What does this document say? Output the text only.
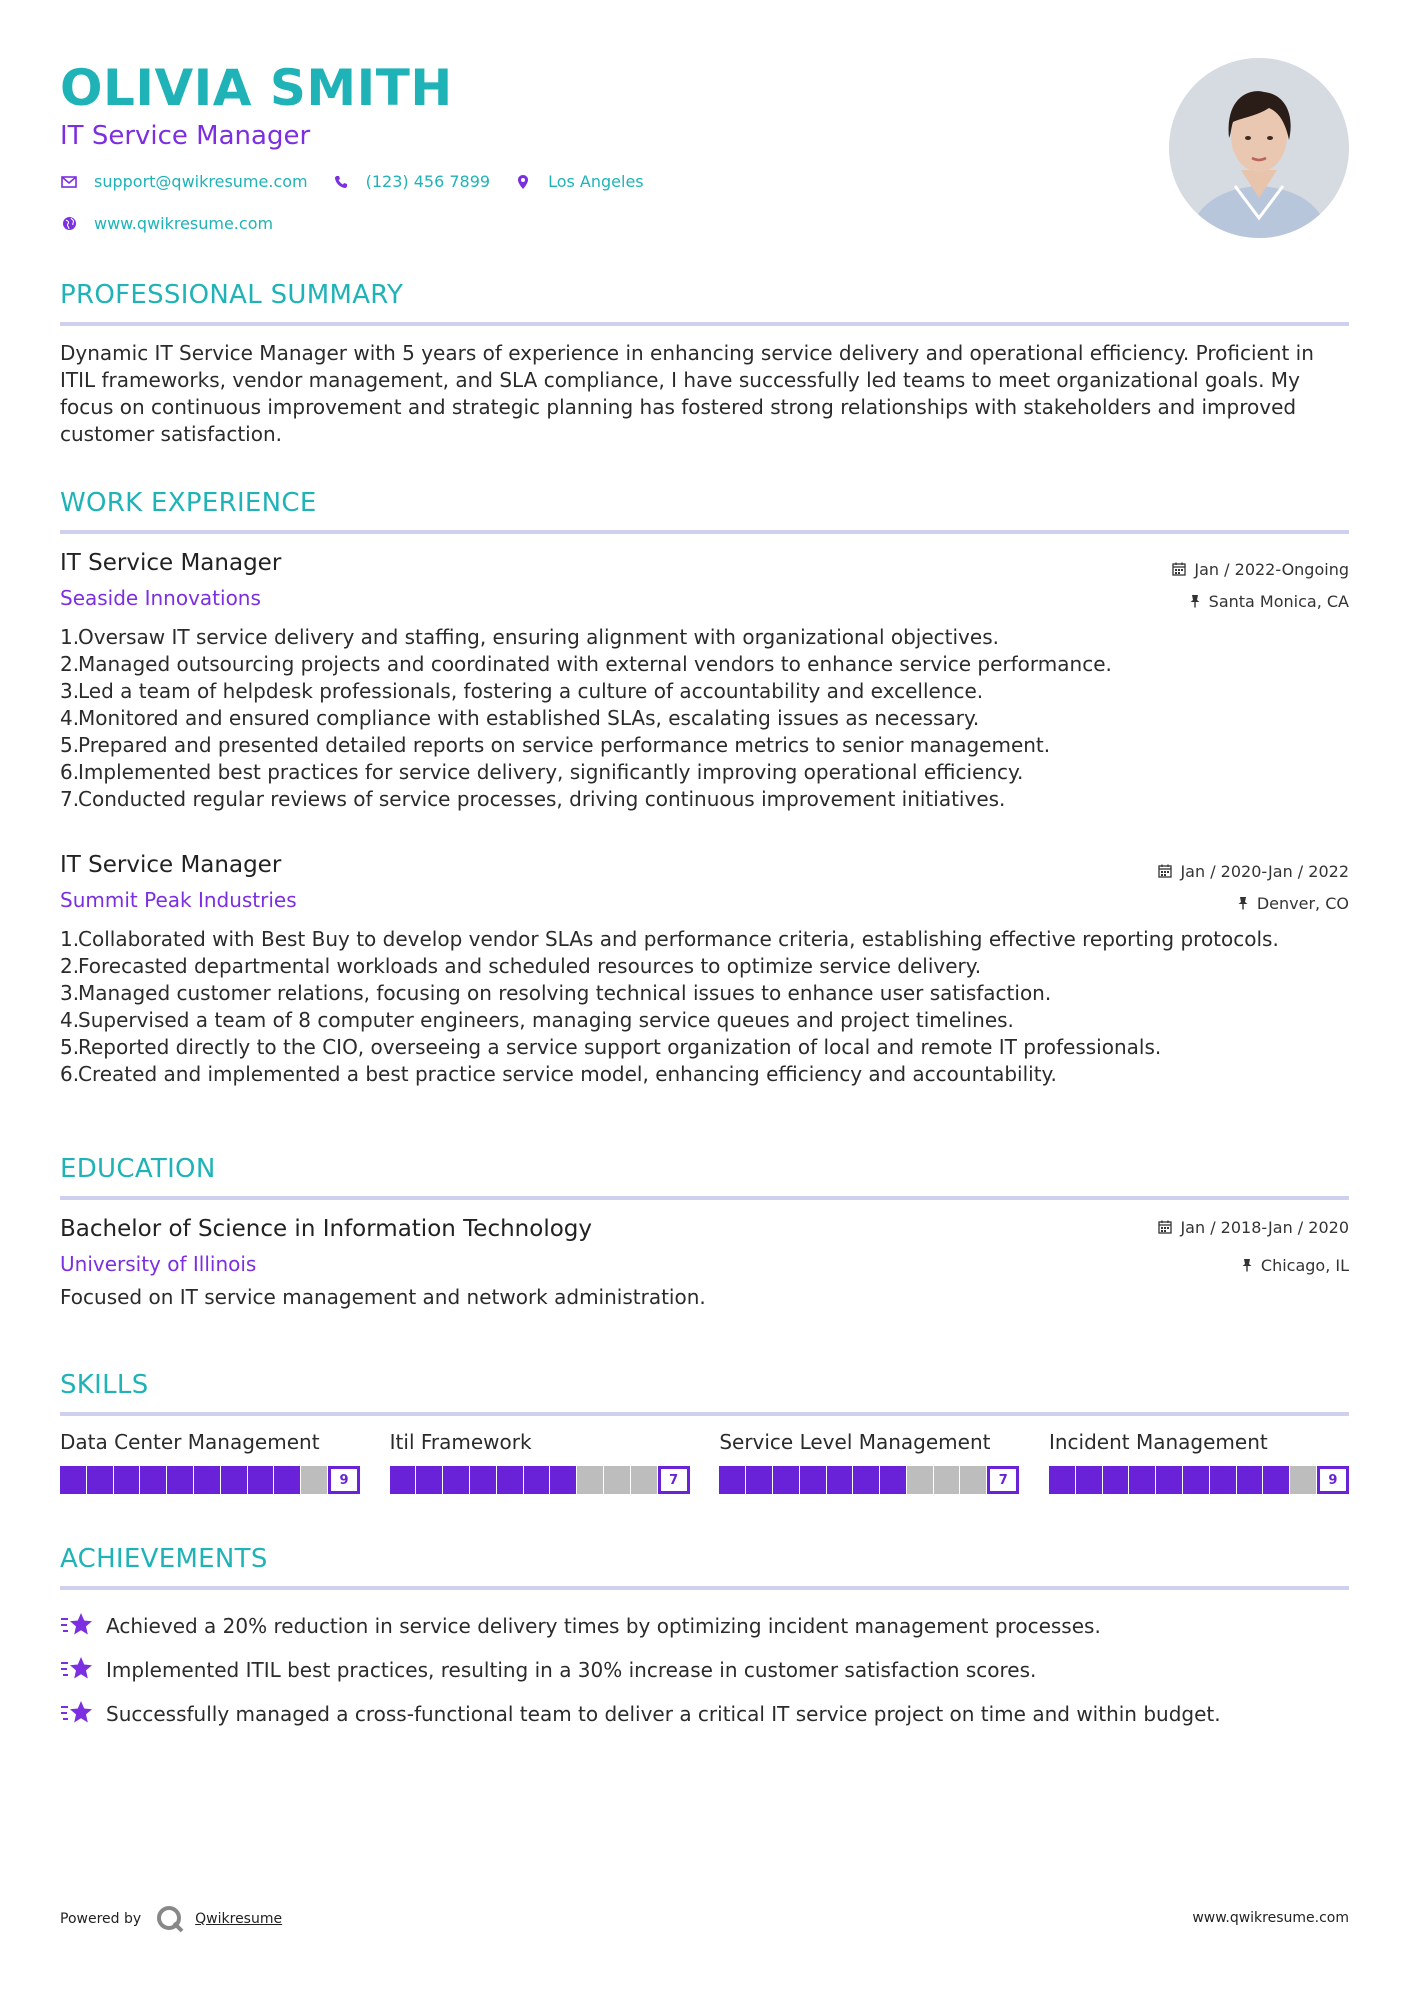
OLIVIA SMITH
IT Service Manager
support@qwikresume.com	(123) 456 7899	Los Angeles
www.qwikresume.com
PROFESSIONAL SUMMARY

Dynamic IT Service Manager with 5 years of experience in enhancing service delivery and operational efficiency. Proficient in ITIL frameworks, vendor management, and SLA compliance, I have successfully led teams to meet organizational goals. My focus on continuous improvement and strategic planning has fostered strong relationships with stakeholders and improved customer satisfaction.

WORK EXPERIENCE
IT Service Manager
Seaside Innovations
Jan / 2022-Ongoing
Santa Monica, CA
1.
Oversaw IT service delivery and staffing, ensuring alignment with organizational objectives.
2.
Managed outsourcing projects and coordinated with external vendors to enhance service performance.
3.
Led a team of helpdesk professionals, fostering a culture of accountability and excellence.
4.
Monitored and ensured compliance with established SLAs, escalating issues as necessary.
5.
Prepared and presented detailed reports on service performance metrics to senior management.
6.
Implemented best practices for service delivery, significantly improving operational efficiency.
7.
Conducted regular reviews of service processes, driving continuous improvement initiatives.
IT Service Manager
Summit Peak Industries
Jan / 2020-Jan / 2022
Denver, CO
1.
Collaborated with Best Buy to develop vendor SLAs and performance criteria, establishing effective reporting protocols.
2.
Forecasted departmental workloads and scheduled resources to optimize service delivery.
3.
Managed customer relations, focusing on resolving technical issues to enhance user satisfaction.
4.
Supervised a team of 8 computer engineers, managing service queues and project timelines.
5.
Reported directly to the CIO, overseeing a service support organization of local and remote IT professionals.
6.
Created and implemented a best practice service model, enhancing efficiency and accountability.
EDUCATION
Bachelor of Science in Information Technology
University of Illinois
Jan / 2018-Jan / 2020
Chicago, IL

Focused on IT service management and network administration.

SKILLS
Data Center Management
9
Itil Framework
7
Service Level Management
7
Incident Management
9
ACHIEVEMENTS
Achieved a 20% reduction in service delivery times by optimizing incident management processes.
Implemented ITIL best practices, resulting in a 30% increase in customer satisfaction scores.
Successfully managed a cross-functional team to deliver a critical IT service project on time and within budget.
Powered by	Qwikresume	www.qwikresume.com
